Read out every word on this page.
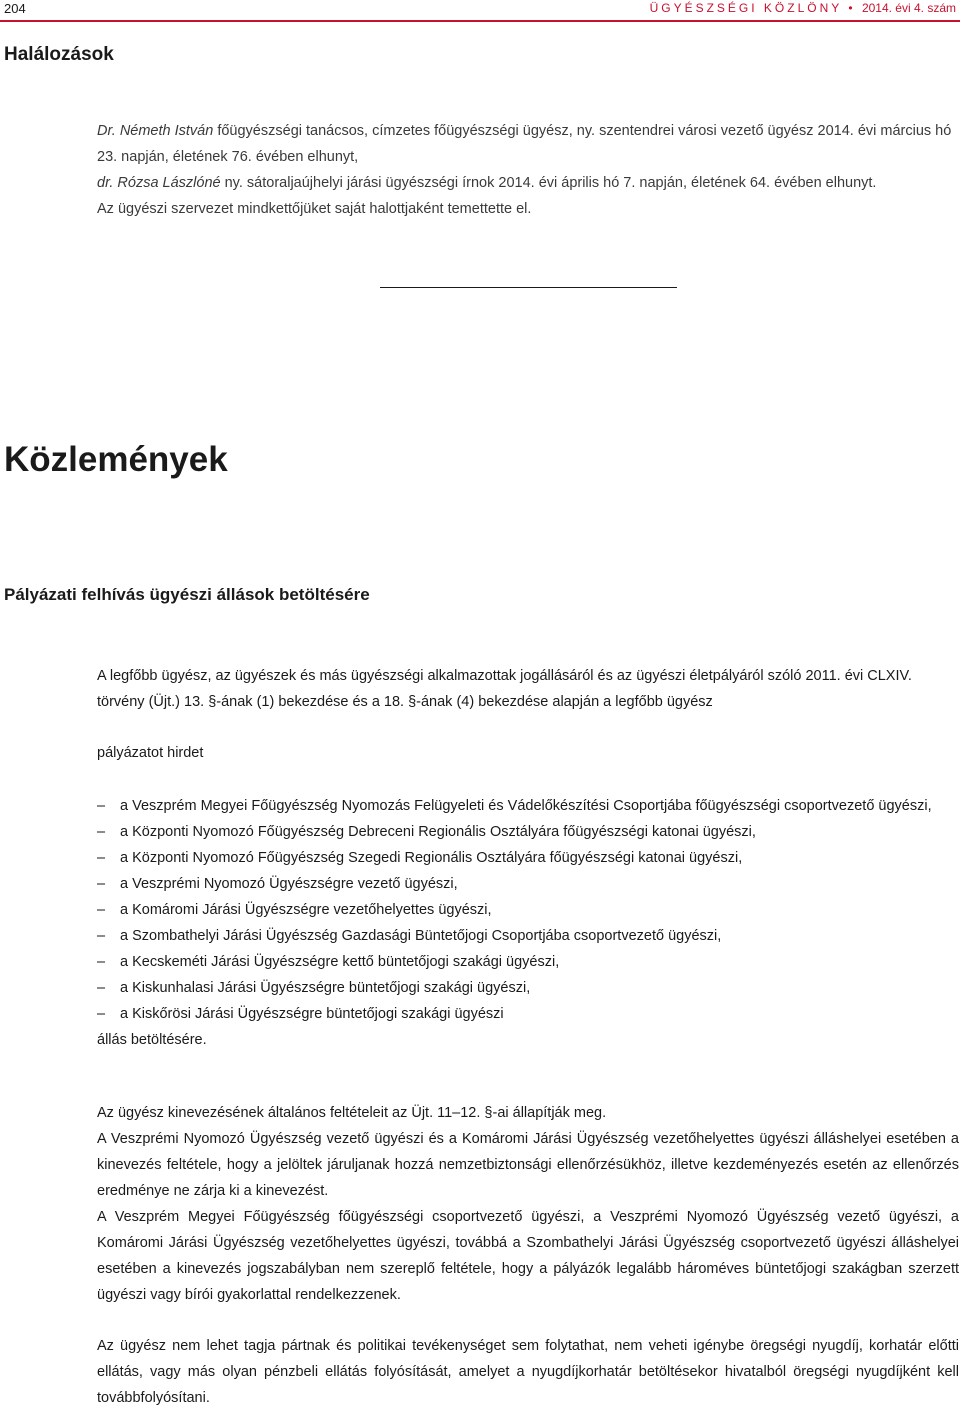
204	ÜGYÉSZSÉGI KÖZLÖNY • 2014. évi 4. szám
Halálozások

Dr. Németh István főügyészségi tanácsos, címzetes főügyészségi ügyész, ny. szentendrei városi vezető ügyész 2014. évi március hó 23. napján, életének 76. évében elhunyt,

dr. Rózsa Lászlóné ny. sátoraljaújhelyi járási ügyészségi írnok 2014. évi április hó 7. napján, életének 64. évében elhunyt.

Az ügyészi szervezet mindkettőjüket saját halottjaként temettette el.

Közlemények
Pályázati felhívás ügyészi állások betöltésére

A legfőbb ügyész, az ügyészek és más ügyészségi alkalmazottak jogállásáról és az ügyészi életpályáról szóló 2011. évi CLXIV. törvény (Üjt.) 13. §-ának (1) bekezdése és a 18. §-ának (4) bekezdése alapján a legfőbb ügyész

pályázatot hirdet

– a Veszprém Megyei Főügyészség Nyomozás Felügyeleti és Vádelőkészítési Csoportjába főügyészségi csoportvezető ügyészi,
– a Központi Nyomozó Főügyészség Debreceni Regionális Osztályára főügyészségi katonai ügyészi,
– a Központi Nyomozó Főügyészség Szegedi Regionális Osztályára főügyészségi katonai ügyészi,
– a Veszprémi Nyomozó Ügyészségre vezető ügyészi,
– a Komáromi Járási Ügyészségre vezetőhelyettes ügyészi,
– a Szombathelyi Járási Ügyészség Gazdasági Büntetőjogi Csoportjába csoportvezető ügyészi,
– a Kecskeméti Járási Ügyészségre kettő büntetőjogi szakági ügyészi,
– a Kiskunhalasi Járási Ügyészségre büntetőjogi szakági ügyészi,
– a Kiskőrösi Járási Ügyészségre büntetőjogi szakági ügyészi

állás betöltésére.

Az ügyész kinevezésének általános feltételeit az Üjt. 11–12. §-ai állapítják meg.

A Veszprémi Nyomozó Ügyészség vezető ügyészi és a Komáromi Járási Ügyészség vezetőhelyettes ügyészi álláshelyei esetében a kinevezés feltétele, hogy a jelöltek járuljanak hozzá nemzetbiztonsági ellenőrzésükhöz, illetve kezdeményezés esetén az ellenőrzés eredménye ne zárja ki a kinevezést.

A Veszprém Megyei Főügyészség főügyészségi csoportvezető ügyészi, a Veszprémi Nyomozó Ügyészség vezető ügyészi, a Komáromi Járási Ügyészség vezetőhelyettes ügyészi, továbbá a Szombathelyi Járási Ügyészség csoportvezető ügyészi álláshelyei esetében a kinevezés jogszabályban nem szereplő feltétele, hogy a pályázók legalább hároméves büntetőjogi szakágban szerzett ügyészi vagy bírói gyakorlattal rendelkezzenek.

Az ügyész nem lehet tagja pártnak és politikai tevékenységet sem folytathat, nem veheti igénybe öregségi nyugdíj, korhatár előtti ellátás, vagy más olyan pénzbeli ellátás folyósítását, amelyet a nyugdíjkorhatár betöltésekor hivatalból öregségi nyugdíjként kell továbbfolyósítani.
